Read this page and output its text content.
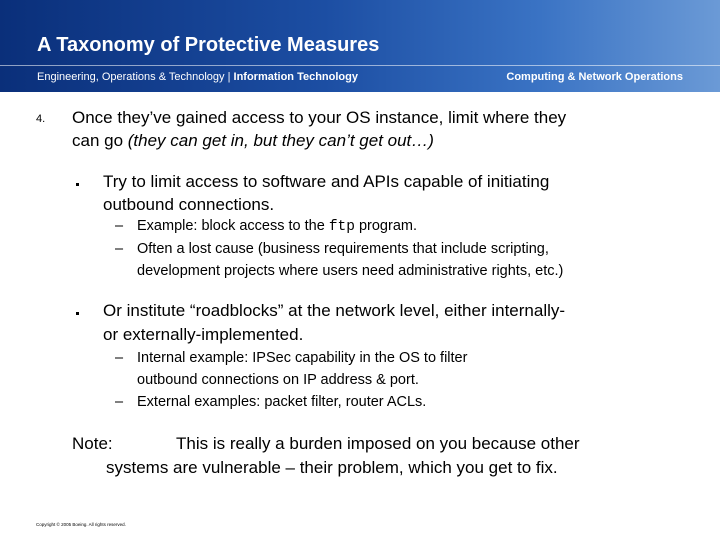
A Taxonomy of Protective Measures
Engineering, Operations & Technology | Information Technology	Computing & Network Operations
4. Once they’ve gained access to your OS instance, limit where they
can go (they can get in, but they can’t get out…)
Try to limit access to software and APIs capable of initiating
outbound connections.
– Example: block access to the ftp program.
– Often a lost cause (business requirements that include scripting,
development projects where users need administrative rights, etc.)
Or institute “roadblocks” at the network level, either internally-
or externally-implemented.
– Internal example: IPSec capability in the OS to filter
outbound connections on IP address & port.
– External examples: packet filter, router ACLs.
Note:	This is really a burden imposed on you because other
systems are vulnerable – their problem, which you get to fix.
Copyright © 2005 Boeing. All rights reserved.
